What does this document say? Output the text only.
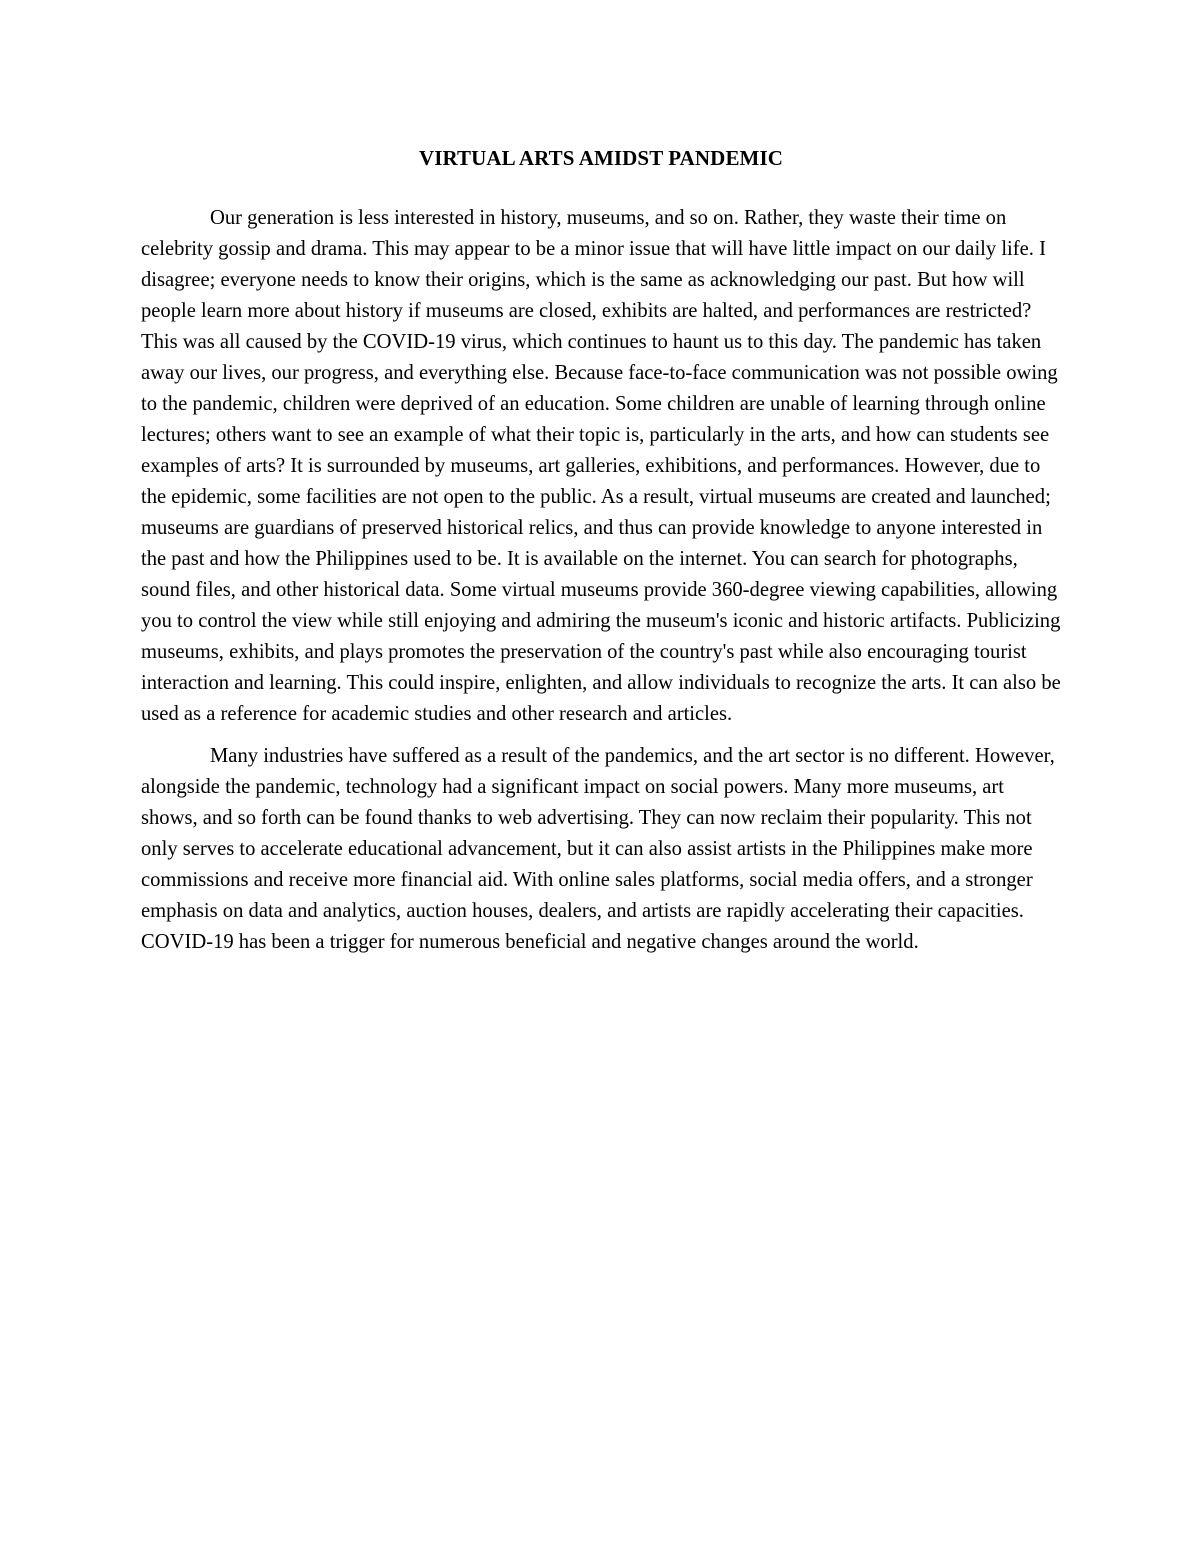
VIRTUAL ARTS AMIDST PANDEMIC

Our generation is less interested in history, museums, and so on. Rather, they waste their time on celebrity gossip and drama. This may appear to be a minor issue that will have little impact on our daily life. I disagree; everyone needs to know their origins, which is the same as acknowledging our past. But how will people learn more about history if museums are closed, exhibits are halted, and performances are restricted? This was all caused by the COVID-19 virus, which continues to haunt us to this day. The pandemic has taken away our lives, our progress, and everything else. Because face-to-face communication was not possible owing to the pandemic, children were deprived of an education. Some children are unable of learning through online lectures; others want to see an example of what their topic is, particularly in the arts, and how can students see examples of arts? It is surrounded by museums, art galleries, exhibitions, and performances. However, due to the epidemic, some facilities are not open to the public. As a result, virtual museums are created and launched; museums are guardians of preserved historical relics, and thus can provide knowledge to anyone interested in the past and how the Philippines used to be. It is available on the internet. You can search for photographs, sound files, and other historical data. Some virtual museums provide 360-degree viewing capabilities, allowing you to control the view while still enjoying and admiring the museum's iconic and historic artifacts. Publicizing museums, exhibits, and plays promotes the preservation of the country's past while also encouraging tourist interaction and learning. This could inspire, enlighten, and allow individuals to recognize the arts. It can also be used as a reference for academic studies and other research and articles.

Many industries have suffered as a result of the pandemics, and the art sector is no different. However, alongside the pandemic, technology had a significant impact on social powers. Many more museums, art shows, and so forth can be found thanks to web advertising. They can now reclaim their popularity. This not only serves to accelerate educational advancement, but it can also assist artists in the Philippines make more commissions and receive more financial aid. With online sales platforms, social media offers, and a stronger emphasis on data and analytics, auction houses, dealers, and artists are rapidly accelerating their capacities. COVID-19 has been a trigger for numerous beneficial and negative changes around the world.
